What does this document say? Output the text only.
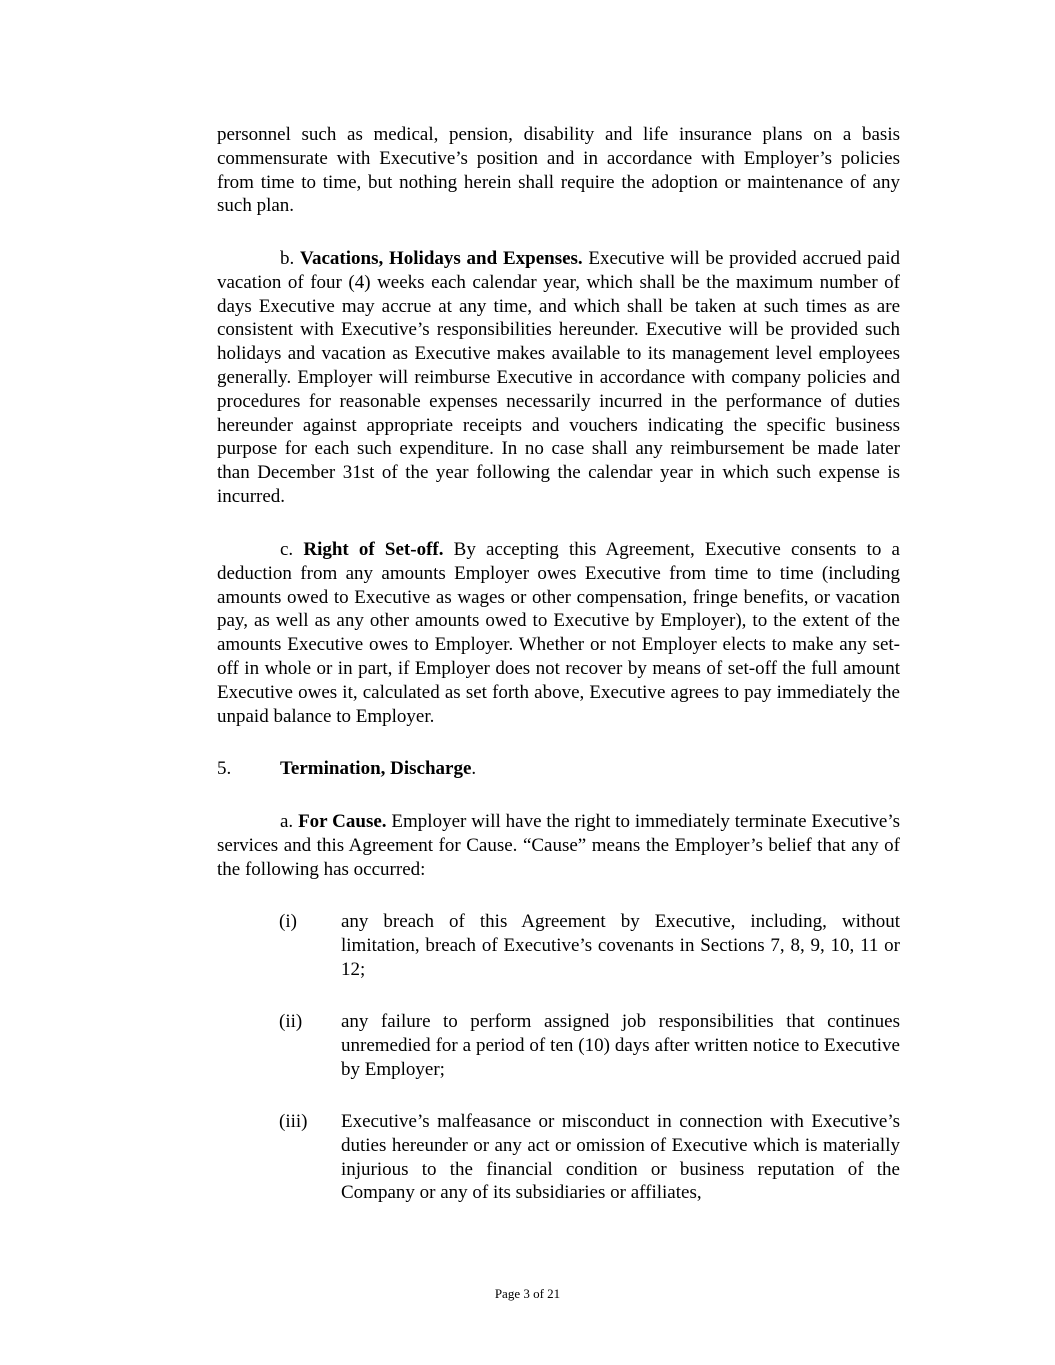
personnel such as medical, pension, disability and life insurance plans on a basis commensurate with Executive’s position and in accordance with Employer’s policies from time to time, but nothing herein shall require the adoption or maintenance of any such plan.

b. Vacations, Holidays and Expenses. Executive will be provided accrued paid vacation of four (4) weeks each calendar year, which shall be the maximum number of days Executive may accrue at any time, and which shall be taken at such times as are consistent with Executive’s responsibilities hereunder. Executive will be provided such holidays and vacation as Executive makes available to its management level employees generally. Employer will reimburse Executive in accordance with company policies and procedures for reasonable expenses necessarily incurred in the performance of duties hereunder against appropriate receipts and vouchers indicating the specific business purpose for each such expenditure. In no case shall any reimbursement be made later than December 31st of the year following the calendar year in which such expense is incurred.

c. Right of Set-off. By accepting this Agreement, Executive consents to a deduction from any amounts Employer owes Executive from time to time (including amounts owed to Executive as wages or other compensation, fringe benefits, or vacation pay, as well as any other amounts owed to Executive by Employer), to the extent of the amounts Executive owes to Employer. Whether or not Employer elects to make any set-off in whole or in part, if Employer does not recover by means of set-off the full amount Executive owes it, calculated as set forth above, Executive agrees to pay immediately the unpaid balance to Employer.

5.	Termination, Discharge.

a. For Cause. Employer will have the right to immediately terminate Executive’s services and this Agreement for Cause. “Cause” means the Employer’s belief that any of the following has occurred:

(i) any breach of this Agreement by Executive, including, without limitation, breach of Executive’s covenants in Sections 7, 8, 9, 10, 11 or 12;
(ii) any failure to perform assigned job responsibilities that continues unremedied for a period of ten (10) days after written notice to Executive by Employer;
(iii) Executive’s malfeasance or misconduct in connection with Executive’s duties hereunder or any act or omission of Executive which is materially injurious to the financial condition or business reputation of the Company or any of its subsidiaries or affiliates,
Page 3 of 21
